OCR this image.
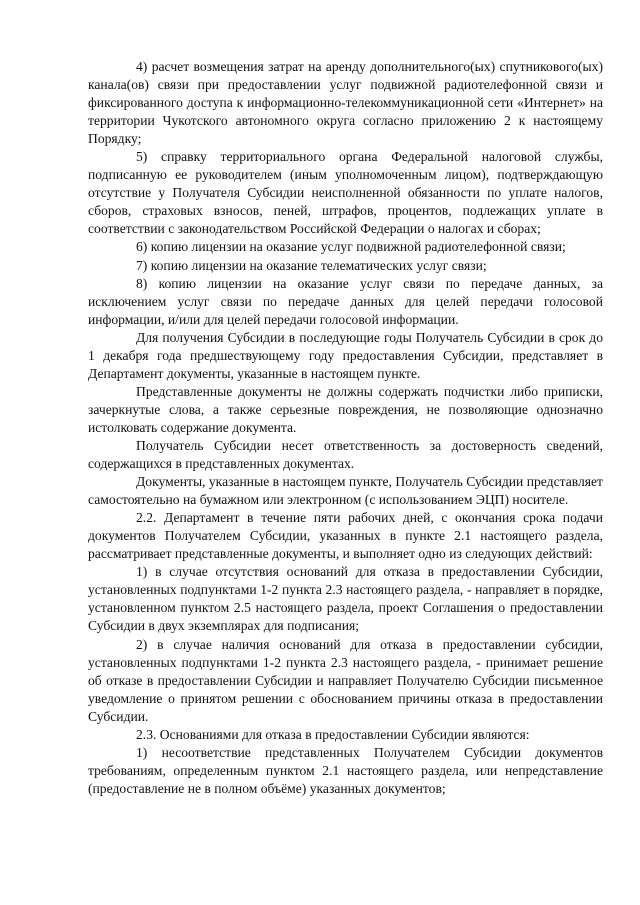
4) расчет возмещения затрат на аренду дополнительного(ых) спутникового(ых) канала(ов) связи при предоставлении услуг подвижной радиотелефонной связи и фиксированного доступа к информационно-телекоммуникационной сети «Интернет» на территории Чукотского автономного округа согласно приложению 2 к настоящему Порядку;

5) справку территориального органа Федеральной налоговой службы, подписанную ее руководителем (иным уполномоченным лицом), подтверждающую отсутствие у Получателя Субсидии неисполненной обязанности по уплате налогов, сборов, страховых взносов, пеней, штрафов, процентов, подлежащих уплате в соответствии с законодательством Российской Федерации о налогах и сборах;

6) копию лицензии на оказание услуг подвижной радиотелефонной связи;

7) копию лицензии на оказание телематических услуг связи;

8) копию лицензии на оказание услуг связи по передаче данных, за исключением услуг связи по передаче данных для целей передачи голосовой информации, и/или для целей передачи голосовой информации.

Для получения Субсидии в последующие годы Получатель Субсидии в срок до 1 декабря года предшествующему году предоставления Субсидии, представляет в Департамент документы, указанные в настоящем пункте.

Представленные документы не должны содержать подчистки либо приписки, зачеркнутые слова, а также серьезные повреждения, не позволяющие однозначно истолковать содержание документа.

Получатель Субсидии несет ответственность за достоверность сведений, содержащихся в представленных документах.

Документы, указанные в настоящем пункте, Получатель Субсидии представляет самостоятельно на бумажном или электронном (с использованием ЭЦП) носителе.

2.2. Департамент в течение пяти рабочих дней, с окончания срока подачи документов Получателем Субсидии, указанных в пункте 2.1 настоящего раздела, рассматривает представленные документы, и выполняет одно из следующих действий:

1) в случае отсутствия оснований для отказа в предоставлении Субсидии, установленных подпунктами 1-2 пункта 2.3 настоящего раздела, - направляет в порядке, установленном пунктом 2.5 настоящего раздела, проект Соглашения о предоставлении Субсидии в двух экземплярах для подписания;

2) в случае наличия оснований для отказа в предоставлении субсидии, установленных подпунктами 1-2 пункта 2.3 настоящего раздела, - принимает решение об отказе в предоставлении Субсидии и направляет Получателю Субсидии письменное уведомление о принятом решении с обоснованием причины отказа в предоставлении Субсидии.

2.3. Основаниями для отказа в предоставлении Субсидии являются:

1) несоответствие представленных Получателем Субсидии документов требованиям, определенным пунктом 2.1 настоящего раздела, или непредставление (предоставление не в полном объёме) указанных документов;
